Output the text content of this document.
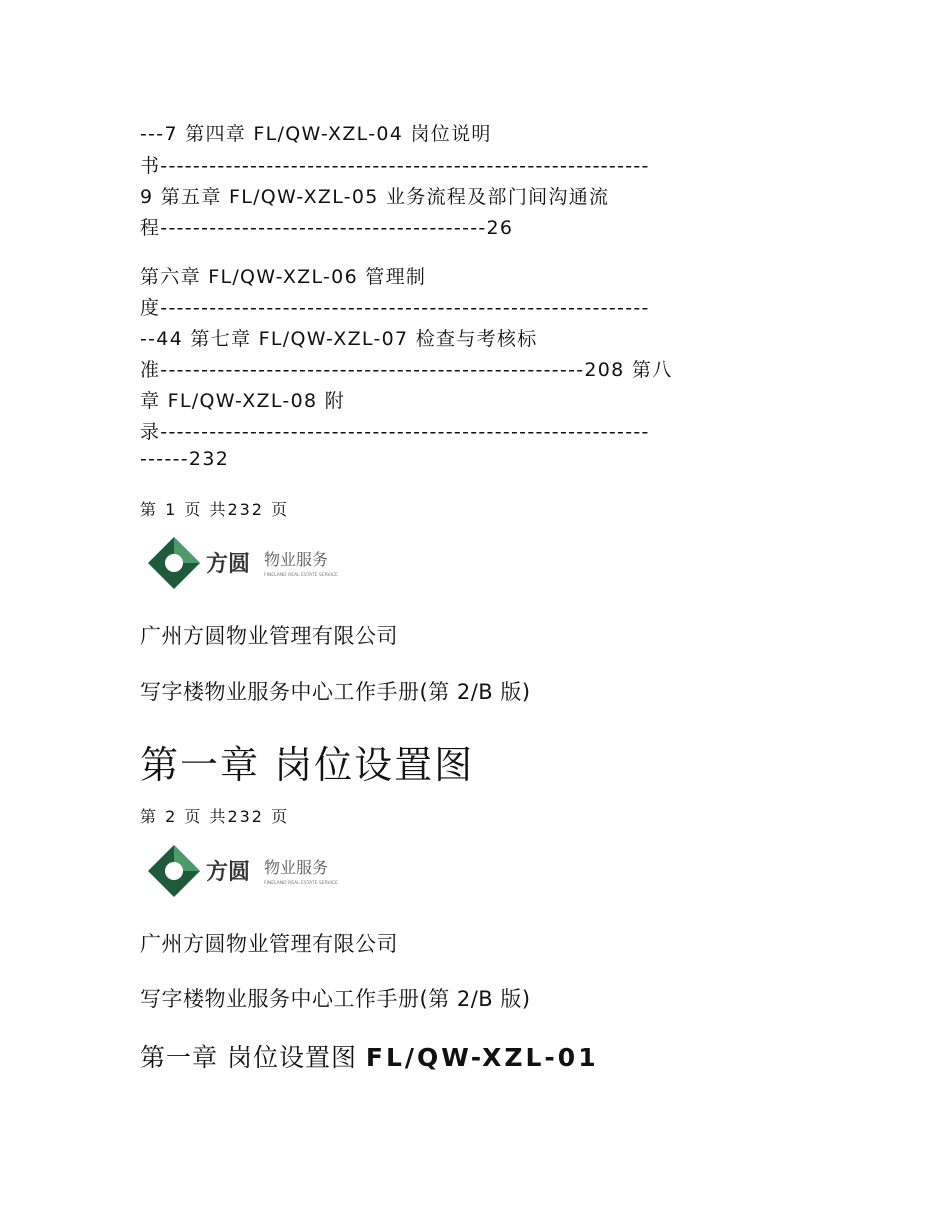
---7 第四章 FL/QW-XZL-04 岗位说明
书------------------------------------------------------------
9 第五章 FL/QW-XZL-05 业务流程及部门间沟通流
程----------------------------------------26
第六章 FL/QW-XZL-06 管理制
度------------------------------------------------------------
--44 第七章 FL/QW-XZL-07 检查与考核标
准----------------------------------------------------208 第八
章 FL/QW-XZL-08 附
录------------------------------------------------------------
------232
第 1 页 共232 页
方圆 物业服务
FINELAND REAL ESTATE SERVICE
广州方圆物业管理有限公司
写字楼物业服务中心工作手册(第 2/B 版)
第一章 岗位设置图
第 2 页 共232 页
方圆 物业服务
FINELAND REAL ESTATE SERVICE
广州方圆物业管理有限公司
写字楼物业服务中心工作手册(第 2/B 版)
第一章 岗位设置图 FL/QW-XZL-01
